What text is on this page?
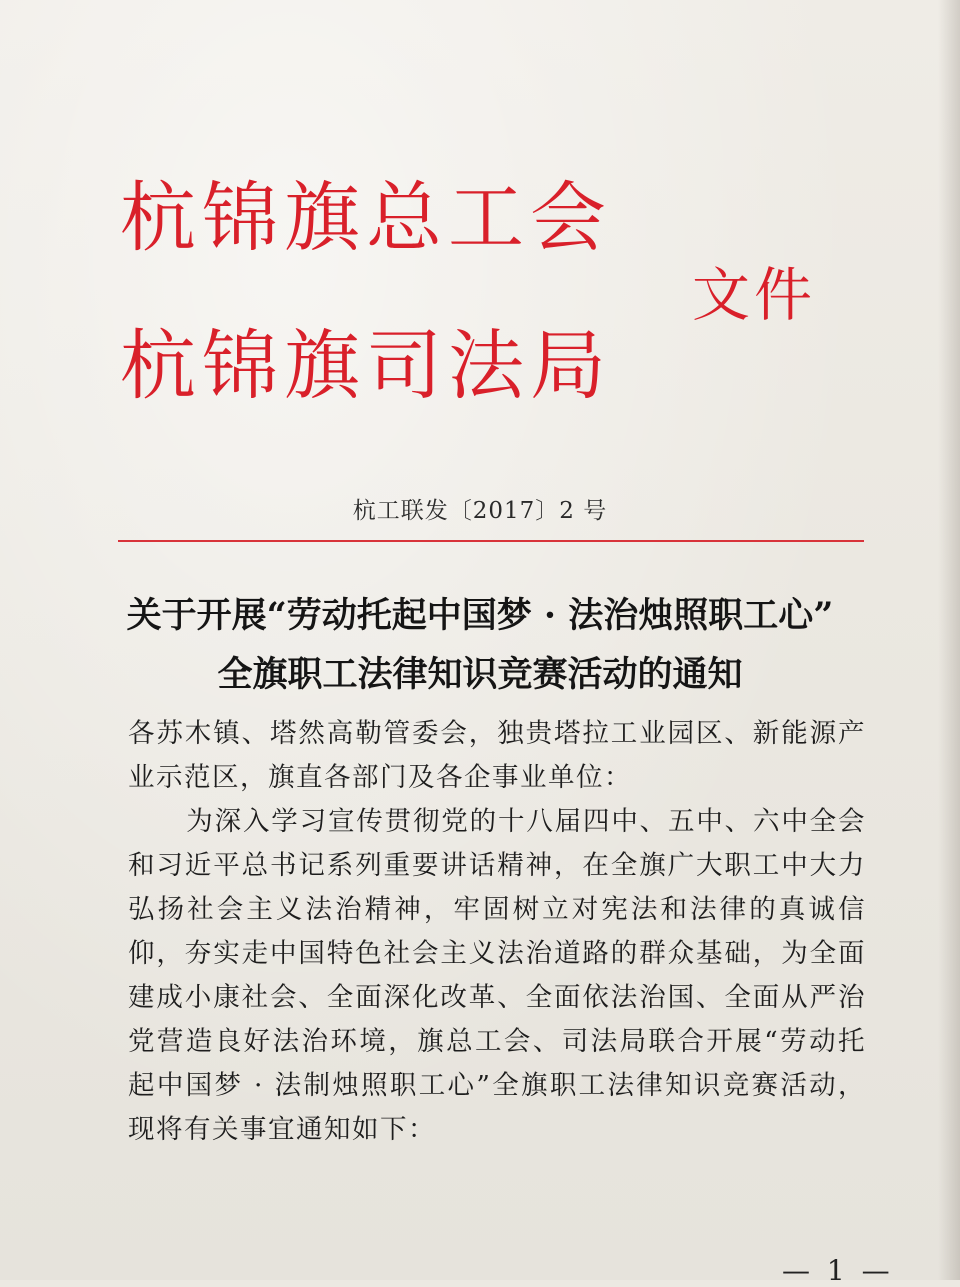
杭锦旗总工会
文件
杭锦旗司法局
杭工联发〔2017〕2 号
关于开展“劳动托起中国梦 · 法治烛照职工心”
全旗职工法律知识竞赛活动的通知
各苏木镇、塔然高勒管委会，独贵塔拉工业园区、新能源产业示范区，旗直各部门及各企事业单位：
为深入学习宣传贯彻党的十八届四中、五中、六中全会和习近平总书记系列重要讲话精神，在全旗广大职工中大力弘扬社会主义法治精神，牢固树立对宪法和法律的真诚信仰，夯实走中国特色社会主义法治道路的群众基础，为全面建成小康社会、全面深化改革、全面依法治国、全面从严治党营造良好法治环境，旗总工会、司法局联合开展“劳动托起中国梦 · 法制烛照职工心”全旗职工法律知识竞赛活动，现将有关事宜通知如下：
— 1 —
